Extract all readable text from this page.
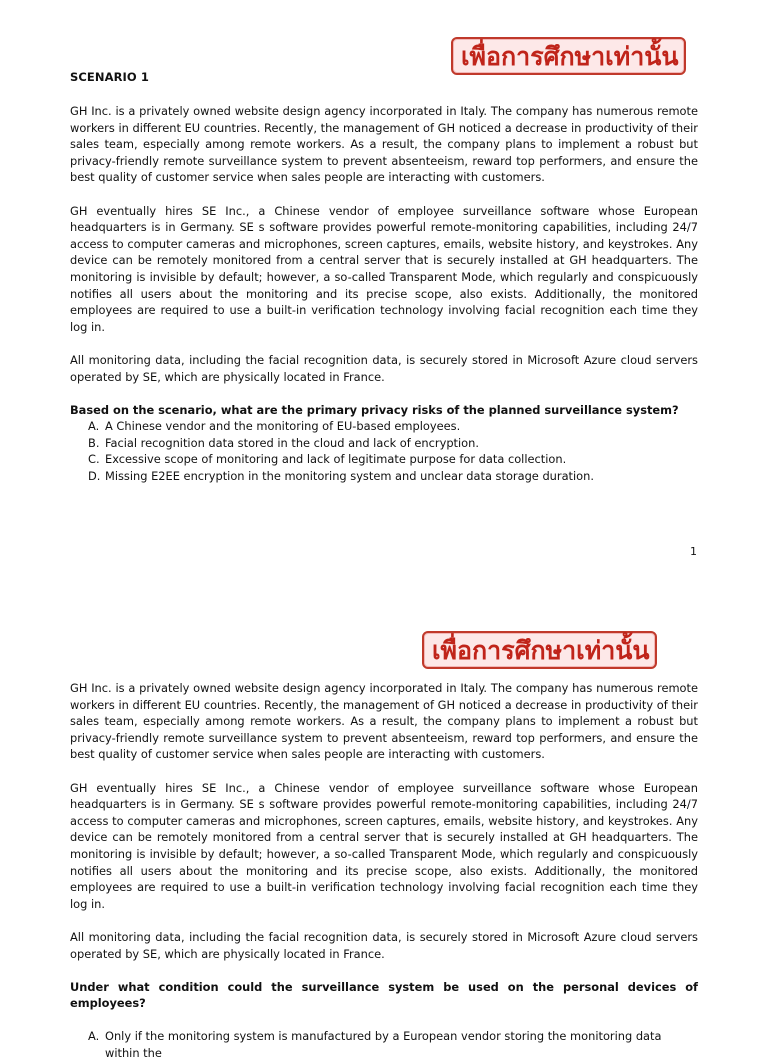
เพื่อการศึกษาเท่านั้น
SCENARIO 1

GH Inc. is a privately owned website design agency incorporated in Italy. The company has numerous remote workers in different EU countries. Recently, the management of GH noticed a decrease in productivity of their sales team, especially among remote workers. As a result, the company plans to implement a robust but privacy-friendly remote surveillance system to prevent absenteeism, reward top performers, and ensure the best quality of customer service when sales people are interacting with customers.

GH eventually hires SE Inc., a Chinese vendor of employee surveillance software whose European headquarters is in Germany. SE s software provides powerful remote-monitoring capabilities, including 24/7 access to computer cameras and microphones, screen captures, emails, website history, and keystrokes. Any device can be remotely monitored from a central server that is securely installed at GH headquarters. The monitoring is invisible by default; however, a so-called Transparent Mode, which regularly and conspicuously notifies all users about the monitoring and its precise scope, also exists. Additionally, the monitored employees are required to use a built-in verification technology involving facial recognition each time they log in.

All monitoring data, including the facial recognition data, is securely stored in Microsoft Azure cloud servers operated by SE, which are physically located in France.

Based on the scenario, what are the primary privacy risks of the planned surveillance system?

A. A Chinese vendor and the monitoring of EU-based employees.
B. Facial recognition data stored in the cloud and lack of encryption.
C. Excessive scope of monitoring and lack of legitimate purpose for data collection.
D. Missing E2EE encryption in the monitoring system and unclear data storage duration.
1
เพื่อการศึกษาเท่านั้น

GH Inc. is a privately owned website design agency incorporated in Italy. The company has numerous remote workers in different EU countries. Recently, the management of GH noticed a decrease in productivity of their sales team, especially among remote workers. As a result, the company plans to implement a robust but privacy-friendly remote surveillance system to prevent absenteeism, reward top performers, and ensure the best quality of customer service when sales people are interacting with customers.

GH eventually hires SE Inc., a Chinese vendor of employee surveillance software whose European headquarters is in Germany. SE s software provides powerful remote-monitoring capabilities, including 24/7 access to computer cameras and microphones, screen captures, emails, website history, and keystrokes. Any device can be remotely monitored from a central server that is securely installed at GH headquarters. The monitoring is invisible by default; however, a so-called Transparent Mode, which regularly and conspicuously notifies all users about the monitoring and its precise scope, also exists. Additionally, the monitored employees are required to use a built-in verification technology involving facial recognition each time they log in.

All monitoring data, including the facial recognition data, is securely stored in Microsoft Azure cloud servers operated by SE, which are physically located in France.

Under what condition could the surveillance system be used on the personal devices of employees?

A. Only if the monitoring system is manufactured by a European vendor storing the monitoring data within the
